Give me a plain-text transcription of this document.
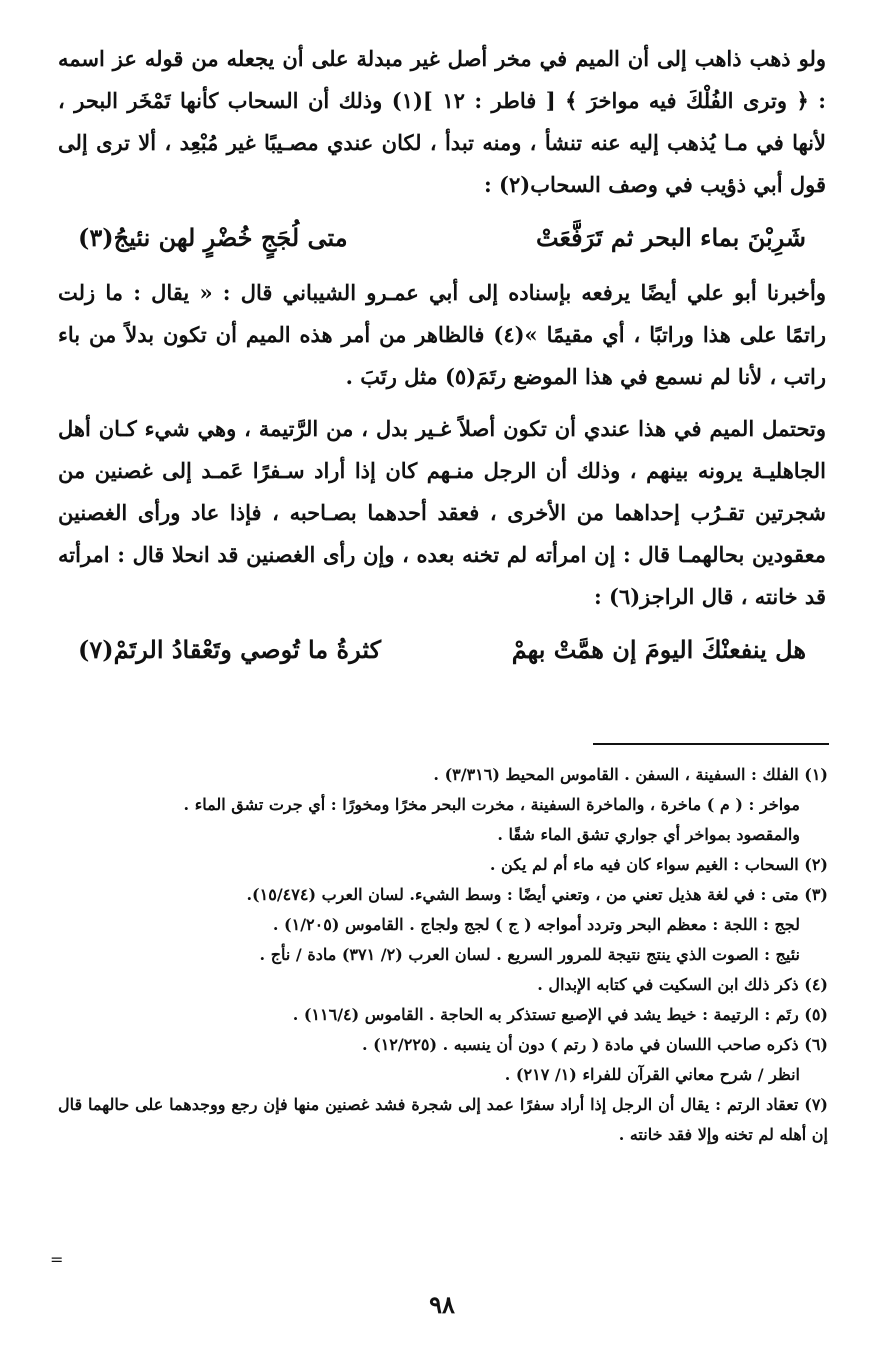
ولو ذهب ذاهب إلى أن الميم في مخر أصل غير مبدلة على أن يجعله من قوله عز اسمه : ﴿ وترى الفُلْكَ فيه مواخرَ ﴾ [ فاطر : ١٢ ](١) وذلك أن السحاب كأنها تَمْخَر البحر ، لأنها في مـا يُذهب إليه عنه تنشأ ، ومنه تبدأ ، لكان عندي مصـيبًا غير مُبْعِد ، ألا ترى إلى قول أبي ذؤيب في وصف السحاب(٢) :

شَرِبْنَ بماء البحر ثم تَرَفَّعَتْ
متى لُجَجٍ خُضْرٍ لهن نئيجُ(٣)

وأخبرنا أبو علي أيضًا يرفعه بإسناده إلى أبي عمـرو الشيباني قال : « يقال : ما زلت راتمًا على هذا وراتبًا ، أي مقيمًا »(٤) فالظاهر من أمر هذه الميم أن تكون بدلاً من باء راتب ، لأنا لم نسمع في هذا الموضع رتَمَ(٥) مثل رتَبَ .

وتحتمل الميم في هذا عندي أن تكون أصلاً غـير بدل ، من الرَّتيمة ، وهي شيء كـان أهل الجاهليـة يرونه بينهم ، وذلك أن الرجل منـهم كان إذا أراد سـفرًا عَمـد إلى غصنين من شجرتين تقـرُب إحداهما من الأخرى ، فعقد أحدهما بصـاحبه ، فإذا عاد ورأى الغصنين معقودين بحالهمـا قال : إن امرأته لم تخنه بعده ، وإن رأى الغصنين قد انحلا قال : امرأته قد خانته ، قال الراجز(٦) :

هل ينفعنْكَ اليومَ إن همَّتْ بهمْ
كثرةُ ما تُوصي وتَعْقادُ الرتَمْ(٧)

(١) الفلك : السفينة ، السفن . القاموس المحيط (٣/٣١٦) .

مواخر : ( م ) ماخرة ، والماخرة السفينة ، مخرت البحر مخرًا ومخورًا : أي جرت تشق الماء .

والمقصود بمواخر أي جواري تشق الماء شقًا .

(٢) السحاب : الغيم سواء كان فيه ماء أم لم يكن .

(٣) متى : في لغة هذيل تعني من ، وتعني أيضًا : وسط الشيء. لسان العرب (١٥/٤٧٤).

لجج : اللجة : معظم البحر وتردد أمواجه ( ج ) لجج ولجاج . القاموس (١/٢٠٥) .

نئيج : الصوت الذي ينتج نتيجة للمرور السريع . لسان العرب (٢/ ٣٧١) مادة / نأج .

(٤) ذكر ذلك ابن السكيت في كتابه الإبدال .

(٥) رتَم : الرتيمة : خيط يشد في الإصبع تستذكر به الحاجة . القاموس (١١٦/٤) .

(٦) ذكره صاحب اللسان في مادة ( رتم ) دون أن ينسبه . (١٢/٢٢٥) .

انظر / شرح معاني القرآن للفراء (١/ ٢١٧) .

(٧) تعقاد الرتم : يقال أن الرجل إذا أراد سفرًا عمد إلى شجرة فشد غصنين منها فإن رجع ووجدهما على حالهما قال إن أهله لم تخنه وإلا فقد خانته .

=
٩٨
